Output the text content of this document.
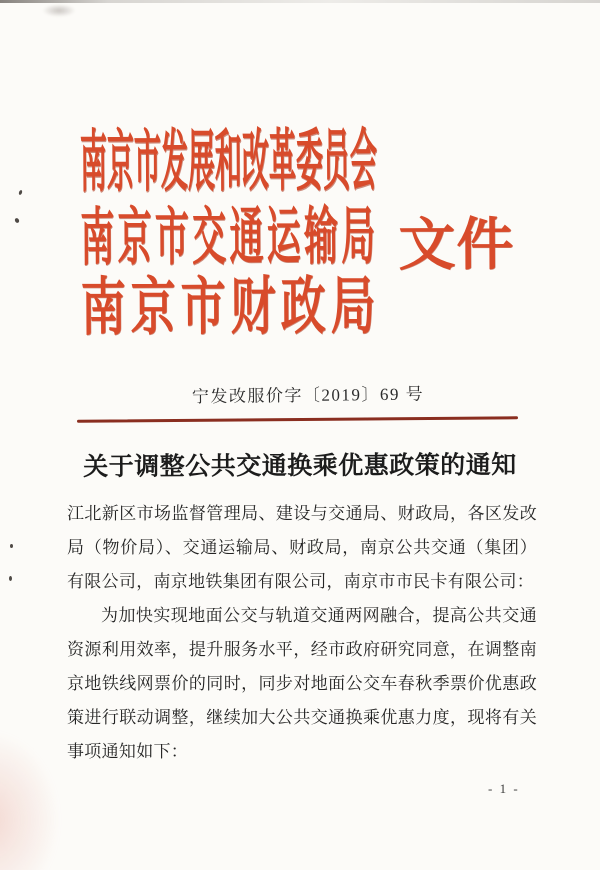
南 京 市 发 展 和 改 革 委 员 会
南 京 市 交 通 运 输 局
南 京 市 财 政 局
文件
宁发改服价字〔2019〕69 号
关于调整公共交通换乘优惠政策的通知

江北新区市场监督管理局、建设与交通局、财政局，各区发改局（物价局）、交通运输局、财政局，南京公共交通（集团）有限公司，南京地铁集团有限公司，南京市市民卡有限公司：

为加快实现地面公交与轨道交通两网融合，提高公共交通资源利用效率，提升服务水平，经市政府研究同意，在调整南京地铁线网票价的同时，同步对地面公交车春秋季票价优惠政策进行联动调整，继续加大公共交通换乘优惠力度，现将有关事项通知如下：

- 1 -
